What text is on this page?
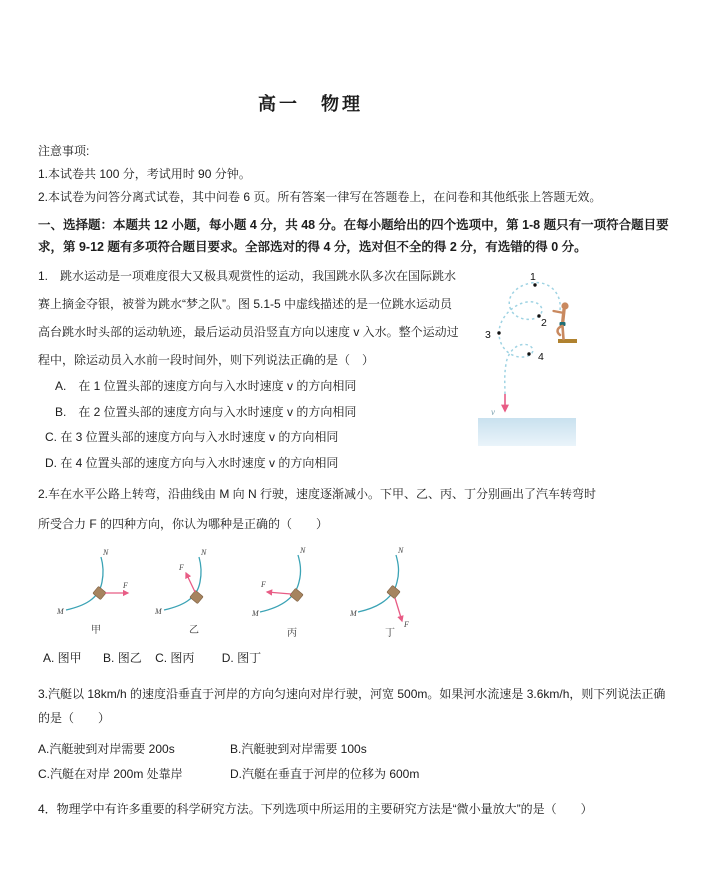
高一　物理

注意事项:

1.本试卷共 100 分，考试用时 90 分钟。

2.本试卷为问答分离式试卷，其中问卷 6 页。所有答案一律写在答题卷上，在问卷和其他纸张上答题无效。

一、选择题：本题共 12 小题，每小题 4 分，共 48 分。在每小题给出的四个选项中，第 1-8 题只有一项符合题目要求，第 9-12 题有多项符合题目要求。全部选对的得 4 分，选对但不全的得 2 分，有选错的得 0 分。

1
2
3
4
v

1.　跳水运动是一项难度很大又极具观赏性的运动，我国跳水队多次在国际跳水赛上摘金夺银，被誉为跳水“梦之队”。图 5.1-5 中虚线描述的是一位跳水运动员高台跳水时头部的运动轨迹，最后运动员沿竖直方向以速度 v 入水。整个运动过程中，除运动员入水前一段时间外，则下列说法正确的是（　）

A.　在 1 位置头部的速度方向与入水时速度 v 的方向相同
B.　在 2 位置头部的速度方向与入水时速度 v 的方向相同
C. 在 3 位置头部的速度方向与入水时速度 v 的方向相同
D. 在 4 位置头部的速度方向与入水时速度 v 的方向相同

2.车在水平公路上转弯，沿曲线由 M 向 N 行驶，速度逐渐减小。下甲、乙、丙、丁分别画出了汽车转弯时

所受合力 F 的四种方向，你认为哪种是正确的（　　）

M
N
F
甲
M
N
F
乙
M
N
F
丙
M
N
F
丁
A. 图甲 B. 图乙 C. 图丙 D. 图丁

3.汽艇以 18km/h 的速度沿垂直于河岸的方向匀速向对岸行驶，河宽 500m。如果河水流速是 3.6km/h，则下列说法正确的是（　　）

A.汽艇驶到对岸需要 200s	B.汽艇驶到对岸需要 100s
C.汽艇在对岸 200m 处靠岸	D.汽艇在垂直于河岸的位移为 600m

4．物理学中有许多重要的科学研究方法。下列选项中所运用的主要研究方法是“微小量放大”的是（　　）
